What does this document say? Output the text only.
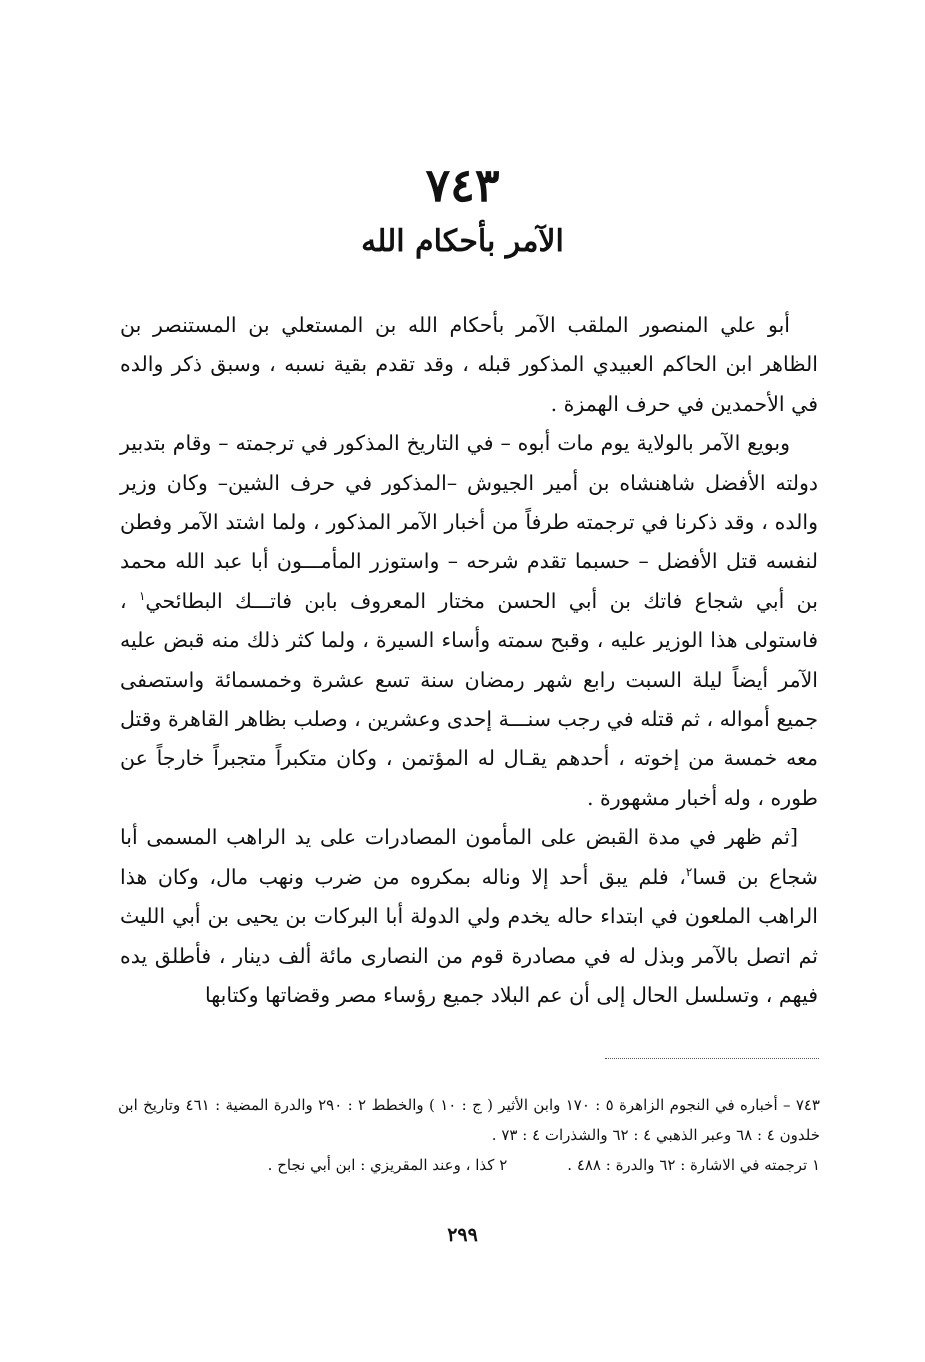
٧٤٣
الآمر بأحكام الله

أبو علي المنصور الملقب الآمر بأحكام الله بن المستعلي بن المستنصر بن الظاهر ابن الحاكم العبيدي المذكور قبله ، وقد تقدم بقية نسبه ، وسبق ذكر والده في الأحمدين في حرف الهمزة .

وبويع الآمر بالولاية يوم مات أبوه – في التاريخ المذكور في ترجمته – وقام بتدبير دولته الأفضل شاهنشاه بن أمير الجيوش –المذكور في حرف الشين– وكان وزير والده ، وقد ذكرنا في ترجمته طرفاً من أخبار الآمر المذكور ، ولما اشتد الآمر وفطن لنفسه قتل الأفضل – حسبما تقدم شرحه – واستوزر المأمـــون أبا عبد الله محمد بن أبي شجاع فاتك بن أبي الحسن مختار المعروف بابن فاتـــك البطائحي$^١$ ، فاستولى هذا الوزير عليه ، وقبح سمته وأساء السيرة ، ولما كثر ذلك منه قبض عليه الآمر أيضاً ليلة السبت رابع شهر رمضان سنة تسع عشرة وخمسمائة واستصفى جميع أمواله ، ثم قتله في رجب سنـــة إحدى وعشرين ، وصلب بظاهر القاهرة وقتل معه خمسة من إخوته ، أحدهم يقـال له المؤتمن ، وكان متكبراً متجبراً خارجاً عن طوره ، وله أخبار مشهورة .

[ثم ظهر في مدة القبض على المأمون المصادرات على يد الراهب المسمى أبا شجاع بن قسا$^٢$، فلم يبق أحد إلا وناله بمكروه من ضرب ونهب مال، وكان هذا الراهب الملعون في ابتداء حاله يخدم ولي الدولة أبا البركات بن يحيى بن أبي الليث ثم اتصل بالآمر وبذل له في مصادرة قوم من النصارى مائة ألف دينار ، فأطلق يده فيهم ، وتسلسل الحال إلى أن عم البلاد جميع رؤساء مصر وقضاتها وكتابها

٧٤٣ – أخباره في النجوم الزاهرة ٥ : ١٧٠ وابن الأثير ( ج : ١٠ ) والخطط ٢ : ٢٩٠ والدرة المضية : ٤٦١ وتاريخ ابن خلدون ٤ : ٦٨ وعبر الذهبي ٤ : ٦٢ والشذرات ٤ : ٧٣ .

١ ترجمته في الاشارة : ٦٢ والدرة : ٤٨٨ .
٢ كذا ، وعند المقريزي : ابن أبي نجاح .
٢٩٩
